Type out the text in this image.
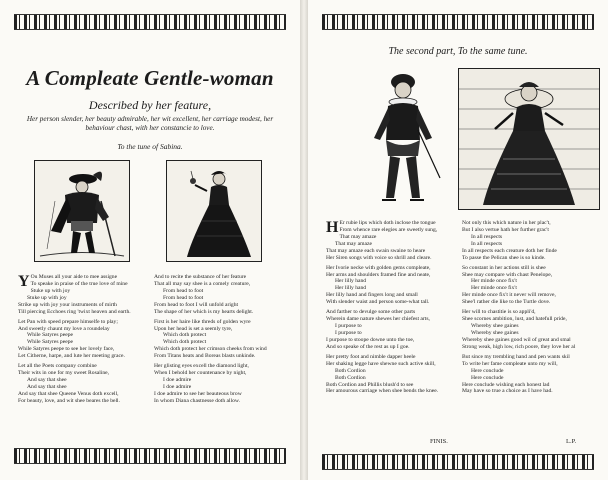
A Compleate Gentle-woman

Described by her feature,

Her person slender, her beauty admirable, her wit excellent, her carriage modest, her behaviour chast, with her constancie to love.

To the tune of Sabina.

Y Ou Muses all your aide to mee assigne
To speake in praise of the true love of mine
Stuke up with joy
Stuke up with joy
Strike up with joy your instruments of mirth
Till piercing Ecchoes ring 'twixt heaven and earth.

Let Pan with speed prepare himselfe to play;
And sweetly chaunt my love a roundelay
While Satyres peepe
While Satyres peepe
While Satyres peepe to see her lovely face,
Let Citherne, harpe, and lute her meeting grace.

Let all the Poets company combine
Their wits in one for my sweet Rosaline,
And say that shee
And say that shee
And say that shee Queene Venus doth excell,
For beauty, love, and wit shee beares the bell.

And to recite the substance of her feature
That all may say shee is a comely creature,
From head to foot
From head to foot
From head to foot I will unfold aright
The shape of her which is my hearts delight.

First is her haire like threds of golden wyre
Upon her head is set a seemly tyre,
Which doth protect
Which doth protect
Which doth protect her crimson cheeks from wind
From Titans heats and Boreas blasts unkinde.

Her glisting eyes excell the diamond light,
When I behold her countenance by night,
I doe admire
I doe admire
I doe admire to see her beauteous brow
In whom Diana chastnesse doth allow.

The second part, To the same tune.

H Er rubie lips which doth inclose the tongue
From whence rare elegies are sweetly sung,
That may amaze
That may amaze
That may amaze each swain swaine to heare
Her Siren songs with voice so shrill and cleare.

Her Ivorie necke with golden gems compleate,
Her arms and shoulders framed fine and neate,
Her lilly hand
Her lilly hand
Her lilly hand and fingers long and small
With slender waist and person some-what tall.

And farther to devulge some other parts
Wherein dame nature shewes her chiefest arts,
I purpose to
I purpose to
I purpose to stoope downe unto the toe,
And so speake of the rest as up I goe.

Her pretty foot and nimble dapper heele
Her shaking legge have shewne such active skill,
Both Cordion
Both Cordion
Both Cordion and Phillis blush'd to see
Her amourous carriage when shee bends the knee.

Not only this which nature in her plac't,
But I also vertue hath her further grac't
In all respects
In all respects
In all respects each creature doth her finde
To passe the Pelican shee is so kinde.

So constant in her actions still is shee
Shee may compare with chast Penelope,
Her minde once fix't
Her minde once fix't
Her minde once fix't it never will remove,
Shee'l rather die like to the Turtle dove.

Her will to chastitie is so appli'd,
Shee scornes ambition, lust, and hatefull pride,
Whereby shee gaines
Whereby shee gaines
Whereby shee gaines good wil of great and smal
Strong weak, high low, rich poore, they love her al

But since my trembling hand and pen wants skil
To write her fame compleate unto my will,
Here conclude
Here conclude
Here conclude wishing each honest lad
May have so true a choice as I have had.

FINIS.	L.P.
